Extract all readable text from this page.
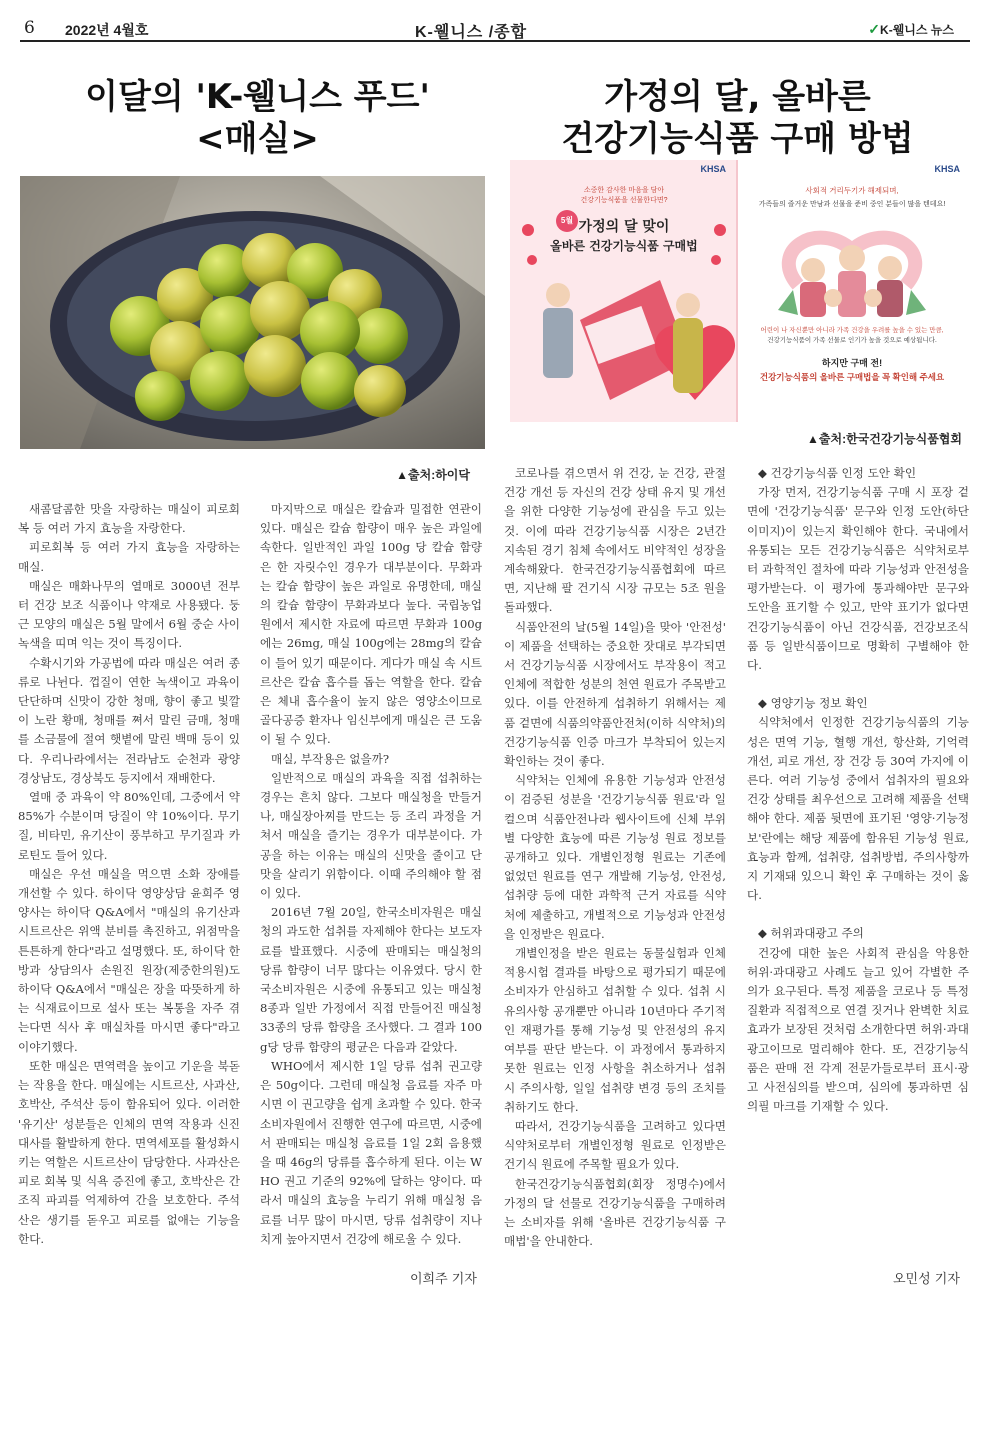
6 2022년 4월호	K-웰니스 /종합	✓K-웰니스 뉴스
이달의 'K-웰니스 푸드'
<매실>
▲출처:하이닥

새콤달콤한 맛을 자랑하는 매실이 피로회복 등 여러 가지 효능을 자랑한다.

피로회복 등 여러 가지 효능을 자랑하는 매실.

매실은 매화나무의 열매로 3000년 전부터 건강 보조 식품이나 약재로 사용됐다. 둥근 모양의 매실은 5월 말에서 6월 중순 사이 녹색을 띠며 익는 것이 특징이다.

수확시기와 가공법에 따라 매실은 여러 종류로 나뉜다. 껍질이 연한 녹색이고 과육이 단단하며 신맛이 강한 청매, 향이 좋고 빛깔이 노란 황매, 청매를 쪄서 말린 금매, 청매를 소금물에 절여 햇볕에 말린 백매 등이 있다. 우리나라에서는 전라남도 순천과 광양 경상남도, 경상북도 등지에서 재배한다.

열매 중 과육이 약 80%인데, 그중에서 약 85%가 수분이며 당질이 약 10%이다. 무기질, 비타민, 유기산이 풍부하고 무기질과 카로틴도 들어 있다.

매실은 우선 매실을 먹으면 소화 장애를 개선할 수 있다. 하이닥 영양상담 윤희주 영양사는 하이닥 Q&A에서 "매실의 유기산과 시트르산은 위액 분비를 촉진하고, 위점막을 튼튼하게 한다"라고 설명했다. 또, 하이닥 한방과 상담의사 손원진 원장(제중한의원)도 하이닥 Q&A에서 "매실은 장을 따뜻하게 하는 식재료이므로 설사 또는 복통을 자주 겪는다면 식사 후 매실차를 마시면 좋다"라고 이야기했다.

또한 매실은 면역력을 높이고 기운을 북돋는 작용을 한다. 매실에는 시트르산, 사과산, 호박산, 주석산 등이 함유되어 있다. 이러한 '유기산' 성분들은 인체의 면역 작용과 신진대사를 활발하게 한다. 면역세포를 활성화시키는 역할은 시트르산이 담당한다. 사과산은 피로 회복 및 식욕 증진에 좋고, 호박산은 간 조직 파괴를 억제하여 간을 보호한다. 주석산은 생기를 돋우고 피로를 없애는 기능을 한다.

마지막으로 매실은 칼슘과 밀접한 연관이 있다. 매실은 칼슘 함량이 매우 높은 과일에 속한다. 일반적인 과일 100g 당 칼슘 함량은 한 자릿수인 경우가 대부분이다. 무화과는 칼슘 함량이 높은 과일로 유명한데, 매실의 칼슘 함량이 무화과보다 높다. 국립농업원에서 제시한 자료에 따르면 무화과 100g에는 26mg, 매실 100g에는 28mg의 칼슘이 들어 있기 때문이다. 게다가 매실 속 시트르산은 칼슘 흡수를 돕는 역할을 한다. 칼슘은 체내 흡수율이 높지 않은 영양소이므로 골다공증 환자나 임신부에게 매실은 큰 도움이 될 수 있다.

매실, 부작용은 없을까?

일반적으로 매실의 과육을 직접 섭취하는 경우는 흔치 않다. 그보다 매실청을 만들거나, 매실장아찌를 만드는 등 조리 과정을 거쳐서 매실을 즐기는 경우가 대부분이다. 가공을 하는 이유는 매실의 신맛을 줄이고 단맛을 살리기 위함이다. 이때 주의해야 할 점이 있다.

2016년 7월 20일, 한국소비자원은 매실청의 과도한 섭취를 자제해야 한다는 보도자료를 발표했다. 시중에 판매되는 매실청의 당류 함량이 너무 많다는 이유였다. 당시 한국소비자원은 시중에 유통되고 있는 매실청 8종과 일반 가정에서 직접 만들어진 매실청 33종의 당류 함량을 조사했다. 그 결과 100g당 당류 함량의 평균은 다음과 같았다.

WHO에서 제시한 1일 당류 섭취 권고량은 50g이다. 그런데 매실청 음료를 자주 마시면 이 권고량을 쉽게 초과할 수 있다. 한국소비자원에서 진행한 연구에 따르면, 시중에서 판매되는 매실청 음료를 1일 2회 음용했을 때 46g의 당류를 흡수하게 된다. 이는 WHO 권고 기준의 92%에 달하는 양이다. 따라서 매실의 효능을 누리기 위해 매실청 음료를 너무 많이 마시면, 당류 섭취량이 지나치게 높아지면서 건강에 해로울 수 있다.

이희주 기자
가정의 달, 올바른
건강기능식품 구매 방법
KHSA
소중한 감사한 마음을 담아
건강기능식품을 선물한다면?
5월 가정의 달 맞이
올바른 건강기능식품 구매법
KHSA
사회적 거리두기가 해제되며,
가족들의 즐거운 만남과 선물을 준비 중인 분들이 많을 텐데요!
어린이 나 자신뿐만 아니라 가족 건강을 우려를 높을 수 있는 만큼,
건강기능식품이 가족 선물로 인기가 높을 것으로 예상됩니다.
하지만 구매 전!
건강기능식품의 올바른 구매법을 꼭 확인해 주세요
▲출처:한국건강기능식품협회

코로나를 겪으면서 위 건강, 눈 건강, 관절 건강 개선 등 자신의 건강 상태 유지 및 개선을 위한 다양한 기능성에 관심을 두고 있는 것. 이에 따라 건강기능식품 시장은 2년간 지속된 경기 침체 속에서도 비약적인 성장을 계속해왔다. 한국건강기능식품협회에 따르면, 지난해 팔 건기식 시장 규모는 5조 원을 돌파했다.

식품안전의 날(5월 14일)을 맞아 '안전성' 이 제품을 선택하는 중요한 잣대로 부각되면서 건강기능식품 시장에서도 부작용이 적고 인체에 적합한 성분의 천연 원료가 주목받고 있다. 이를 안전하게 섭취하기 위해서는 제품 겉면에 식품의약품안전처(이하 식약처)의 건강기능식품 인증 마크가 부착되어 있는지 확인하는 것이 좋다.

식약처는 인체에 유용한 기능성과 안전성이 검증된 성분을 '건강기능식품 원료'라 일컬으며 식품안전나라 웹사이트에 신체 부위별 다양한 효능에 따른 기능성 원료 정보를 공개하고 있다. 개별인정형 원료는 기존에 없었던 원료를 연구 개발해 기능성, 안전성, 섭취량 등에 대한 과학적 근거 자료를 식약처에 제출하고, 개별적으로 기능성과 안전성을 인정받은 원료다.

개별인정을 받은 원료는 동물실험과 인체적용시험 결과를 바탕으로 평가되기 때문에 소비자가 안심하고 섭취할 수 있다. 섭취 시 유의사항 공개뿐만 아니라 10년마다 주기적인 재평가를 통해 기능성 및 안전성의 유지 여부를 판단 받는다. 이 과정에서 통과하지 못한 원료는 인정 사항을 취소하거나 섭취 시 주의사항, 일일 섭취량 변경 등의 조치를 취하기도 한다.

따라서, 건강기능식품을 고려하고 있다면 식약처로부터 개별인정형 원료로 인정받은 건기식 원료에 주목할 필요가 있다.

한국건강기능식품협회(회장 정명수)에서 가정의 달 선물로 건강기능식품을 구매하려는 소비자를 위해 '올바른 건강기능식품 구매법'을 안내한다.

◆ 건강기능식품 인정 도안 확인

가장 먼저, 건강기능식품 구매 시 포장 겉면에 '건강기능식품' 문구와 인정 도안(하단 이미지)이 있는지 확인해야 한다. 국내에서 유통되는 모든 건강기능식품은 식약처로부터 과학적인 절차에 따라 기능성과 안전성을 평가받는다. 이 평가에 통과해야만 문구와 도안을 표기할 수 있고, 만약 표기가 없다면 건강기능식품이 아닌 건강식품, 건강보조식품 등 일반식품이므로 명확히 구별해야 한다.

◆ 영양기능 정보 확인

식약처에서 인정한 건강기능식품의 기능성은 면역 기능, 혈행 개선, 항산화, 기억력 개선, 피로 개선, 장 건강 등 30여 가지에 이른다. 여러 기능성 중에서 섭취자의 필요와 건강 상태를 최우선으로 고려해 제품을 선택해야 한다. 제품 뒷면에 표기된 '영양·기능정보'란에는 해당 제품에 함유된 기능성 원료, 효능과 함께, 섭취량, 섭취방법, 주의사항까지 기재돼 있으니 확인 후 구매하는 것이 옳다.

◆ 허위과대광고 주의

건강에 대한 높은 사회적 관심을 악용한 허위·과대광고 사례도 늘고 있어 각별한 주의가 요구된다. 특정 제품을 코로나 등 특정 질환과 직접적으로 연결 짓거나 완벽한 치료 효과가 보장된 것처럼 소개한다면 허위·과대광고이므로 멀리해야 한다. 또, 건강기능식품은 판매 전 각계 전문가들로부터 표시·광고 사전심의를 받으며, 심의에 통과하면 심의필 마크를 기재할 수 있다.

오민성 기자
